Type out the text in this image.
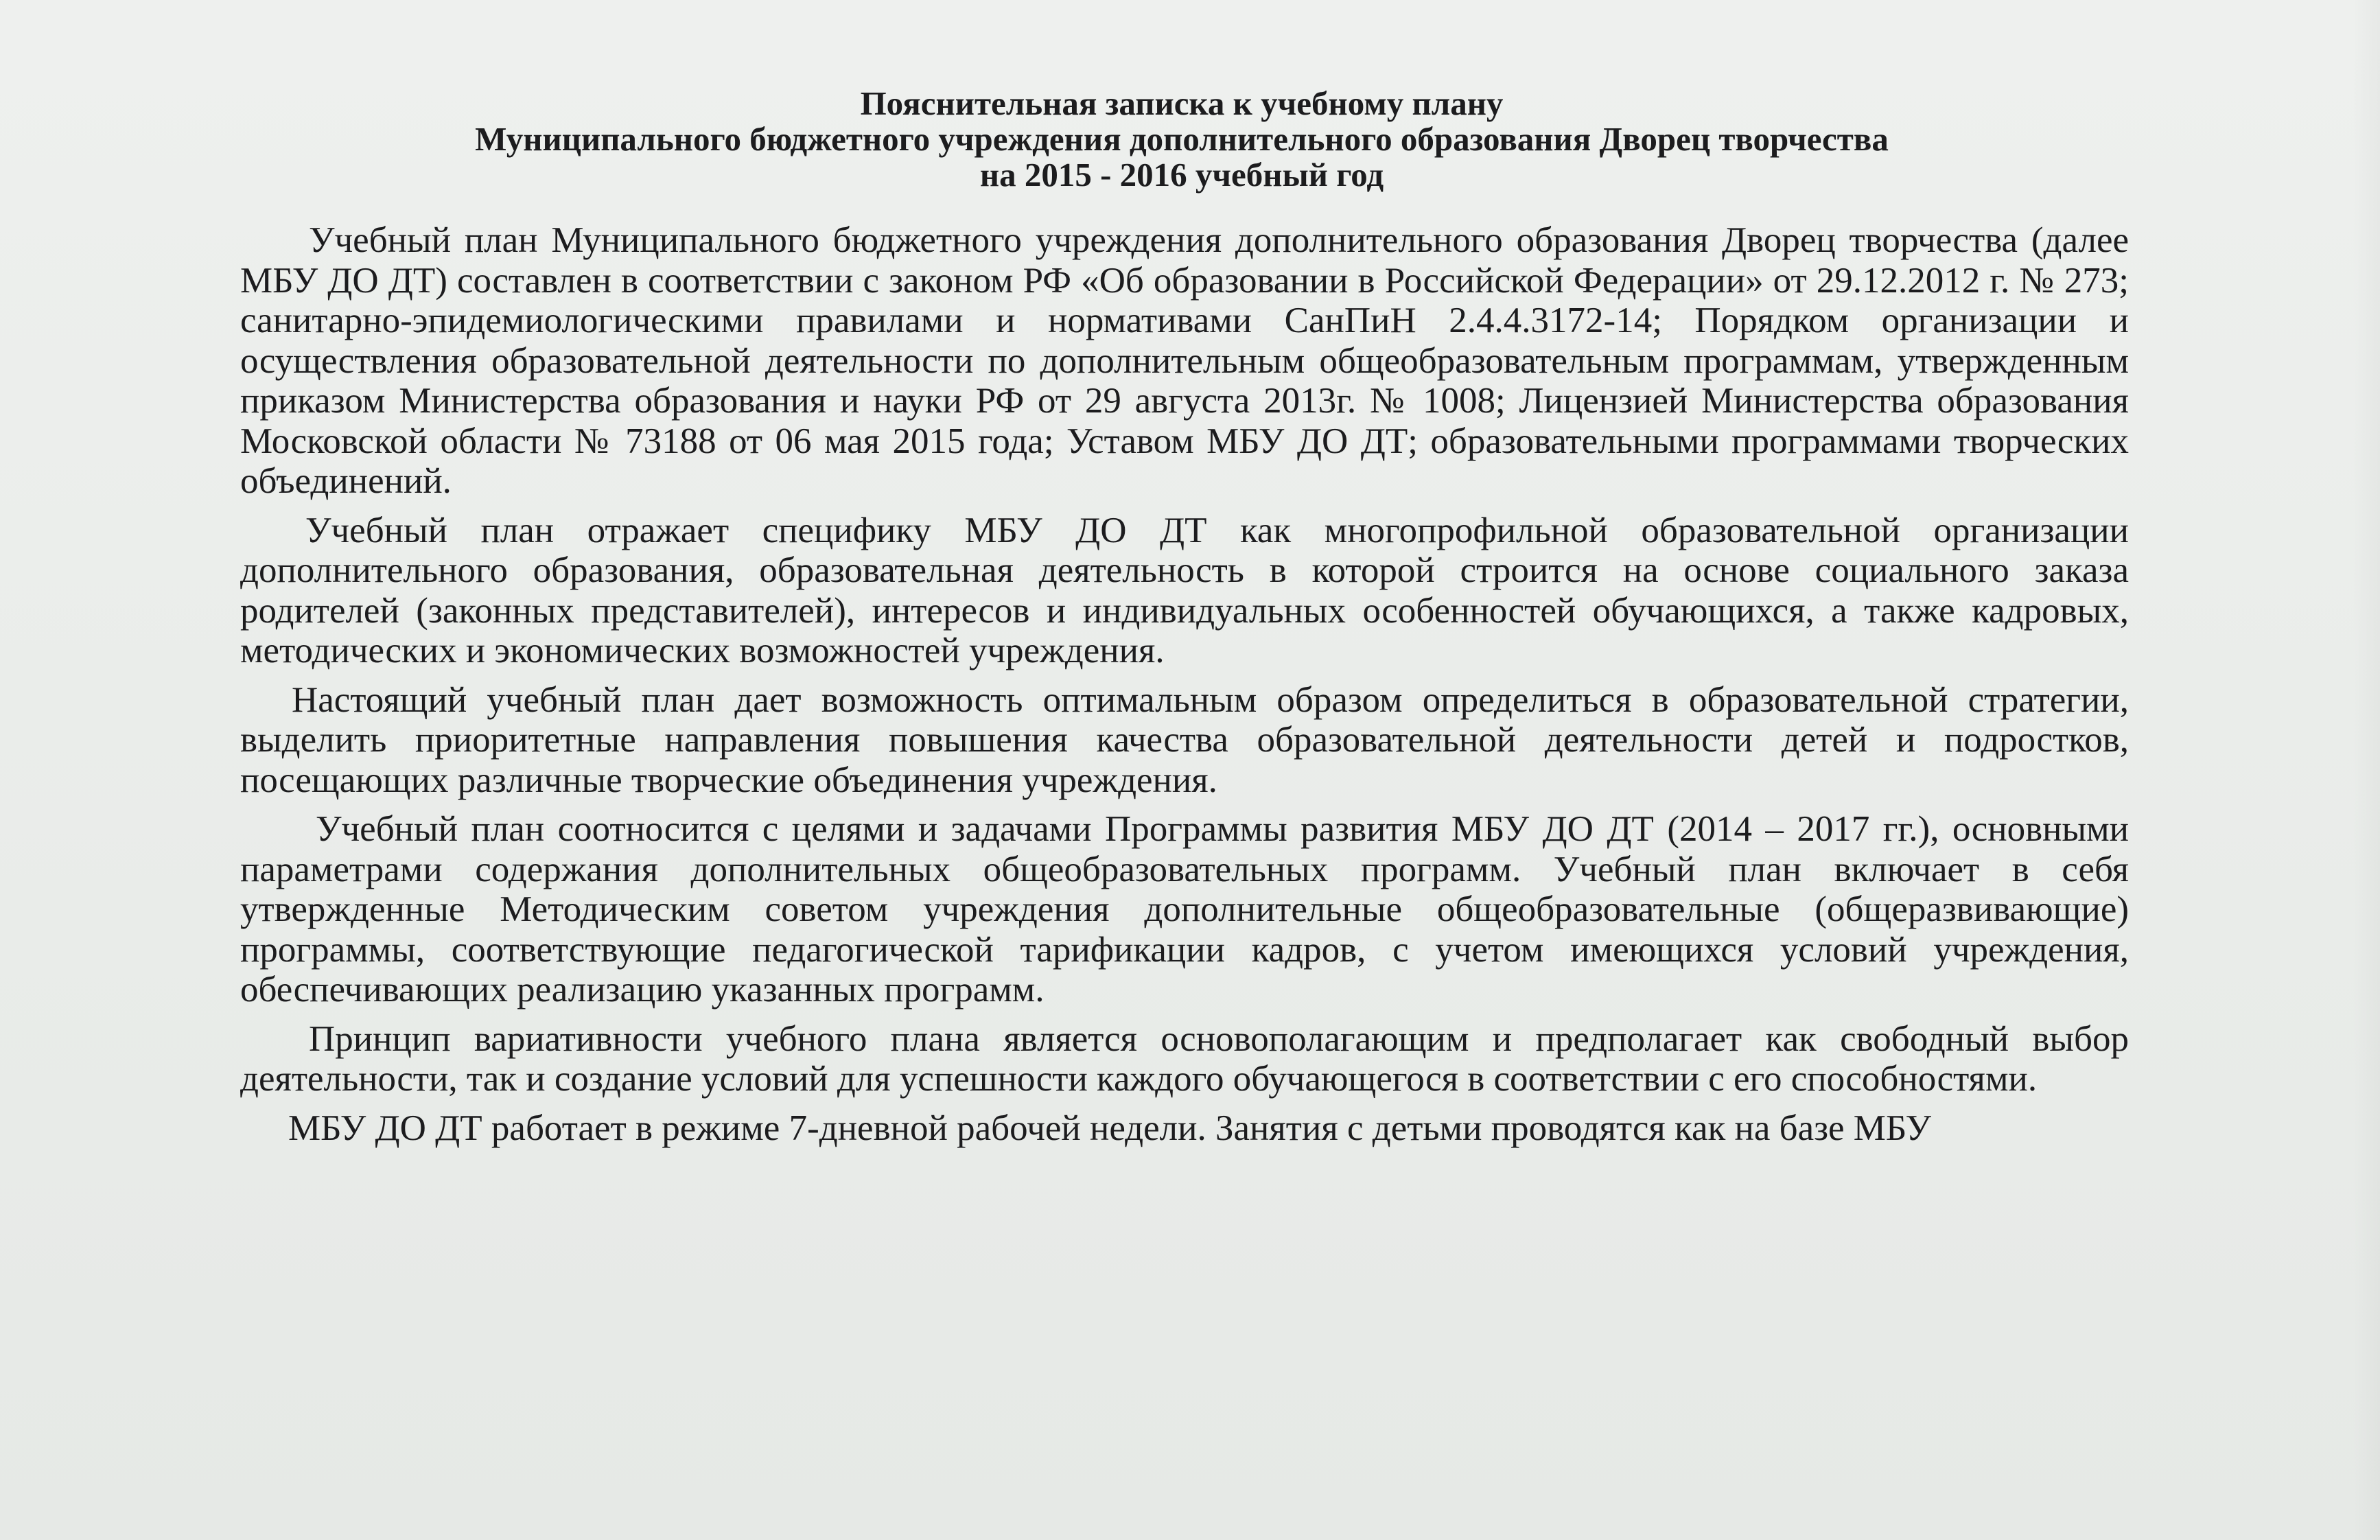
Пояснительная записка к учебному плану
Муниципального бюджетного учреждения дополнительного образования Дворец творчества
на 2015 - 2016 учебный год

Учебный план Муниципального бюджетного учреждения дополнительного образования Дворец творчества (далее МБУ ДО ДТ) составлен в соответствии с законом РФ «Об образовании в Российской Федерации» от 29.12.2012 г. № 273; санитарно-эпидемиологическими правилами и нормативами СанПиН 2.4.4.3172-14; Порядком организации и осуществления образовательной деятельности по дополнительным общеобразовательным программам, утвержденным приказом Министерства образования и науки РФ от 29 августа 2013г. № 1008; Лицензией Министерства образования Московской области № 73188 от 06 мая 2015 года; Уставом МБУ ДО ДТ; образовательными программами творческих объединений.

Учебный план отражает специфику МБУ ДО ДТ как многопрофильной образовательной организации дополнительного образования, образовательная деятельность в которой строится на основе социального заказа родителей (законных представителей), интересов и индивидуальных особенностей обучающихся, а также кадровых, методических и экономических возможностей учреждения.

Настоящий учебный план дает возможность оптимальным образом определиться в образовательной стратегии, выделить приоритетные направления повышения качества образовательной деятельности детей и подростков, посещающих различные творческие объединения учреждения.

Учебный план соотносится с целями и задачами Программы развития МБУ ДО ДТ (2014 – 2017 гг.), основными параметрами содержания дополнительных общеобразовательных программ. Учебный план включает в себя утвержденные Методическим советом учреждения дополнительные общеобразовательные (общеразвивающие) программы, соответствующие педагогической тарификации кадров, с учетом имеющихся условий учреждения, обеспечивающих реализацию указанных программ.

Принцип вариативности учебного плана является основополагающим и предполагает как свободный выбор деятельности, так и создание условий для успешности каждого обучающегося в соответствии с его способностями.

МБУ ДО ДТ работает в режиме 7-дневной рабочей недели. Занятия с детьми проводятся как на базе МБУ
